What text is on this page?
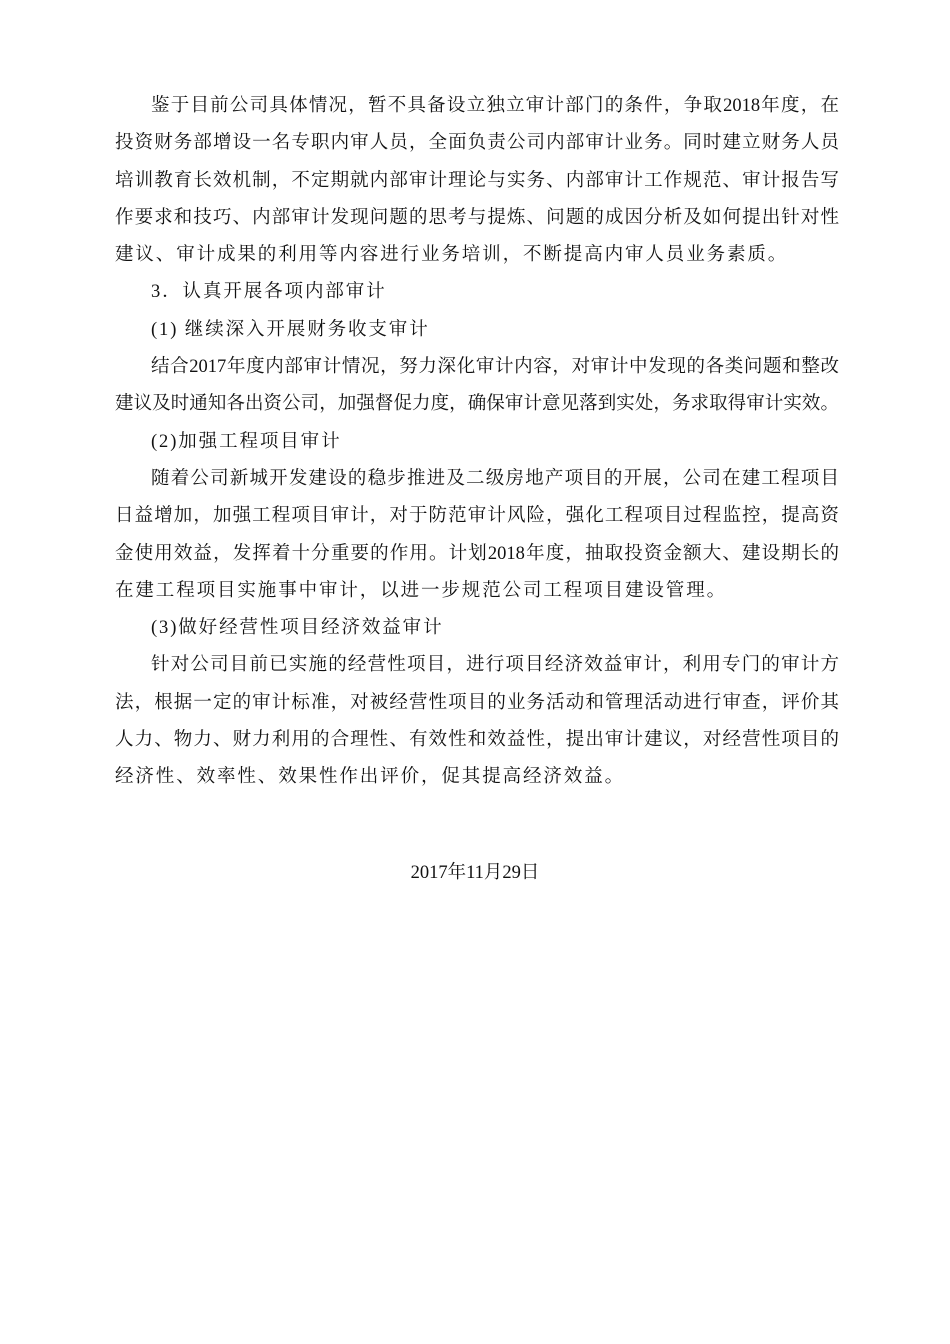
鉴于目前公司具体情况，暂不具备设立独立审计部门的条件，争取2018年度，在
投资财务部增设一名专职内审人员，全面负责公司内部审计业务。同时建立财务人员
培训教育长效机制，不定期就内部审计理论与实务、内部审计工作规范、审计报告写
作要求和技巧、内部审计发现问题的思考与提炼、问题的成因分析及如何提出针对性
建议、审计成果的利用等内容进行业务培训，不断提高内审人员业务素质。
3．认真开展各项内部审计
(1) 继续深入开展财务收支审计
结合2017年度内部审计情况，努力深化审计内容，对审计中发现的各类问题和整改
建议及时通知各出资公司，加强督促力度，确保审计意见落到实处，务求取得审计实效。
(2)加强工程项目审计
随着公司新城开发建设的稳步推进及二级房地产项目的开展，公司在建工程项目
日益增加，加强工程项目审计，对于防范审计风险，强化工程项目过程监控，提高资
金使用效益，发挥着十分重要的作用。计划2018年度，抽取投资金额大、建设期长的
在建工程项目实施事中审计，以进一步规范公司工程项目建设管理。
(3)做好经营性项目经济效益审计
针对公司目前已实施的经营性项目，进行项目经济效益审计，利用专门的审计方
法，根据一定的审计标准，对被经营性项目的业务活动和管理活动进行审查，评价其
人力、物力、财力利用的合理性、有效性和效益性，提出审计建议，对经营性项目的
经济性、效率性、效果性作出评价，促其提高经济效益。
2017年11月29日
